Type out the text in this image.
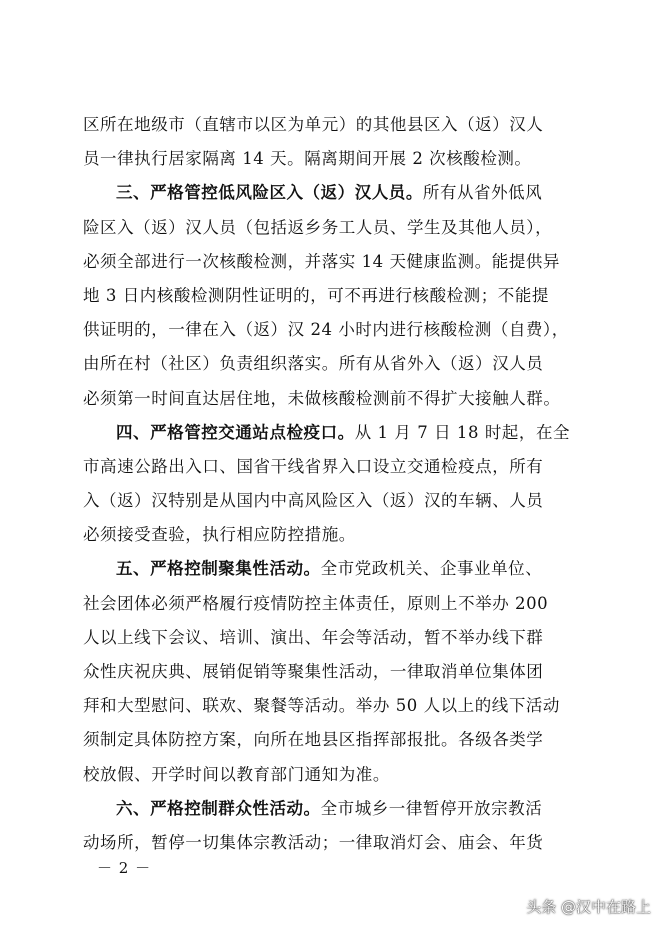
区所在地级市（直辖市以区为单元）的其他县区入（返）汉人
员一律执行居家隔离 14 天。隔离期间开展 2 次核酸检测。
三、严格管控低风险区入（返）汉人员。所有从省外低风
险区入（返）汉人员（包括返乡务工人员、学生及其他人员），
必须全部进行一次核酸检测，并落实 14 天健康监测。能提供异
地 3 日内核酸检测阴性证明的，可不再进行核酸检测；不能提
供证明的，一律在入（返）汉 24 小时内进行核酸检测（自费），
由所在村（社区）负责组织落实。所有从省外入（返）汉人员
必须第一时间直达居住地，未做核酸检测前不得扩大接触人群。
四、严格管控交通站点检疫口。从 1 月 7 日 18 时起，在全
市高速公路出入口、国省干线省界入口设立交通检疫点，所有
入（返）汉特别是从国内中高风险区入（返）汉的车辆、人员
必须接受查验，执行相应防控措施。
五、严格控制聚集性活动。全市党政机关、企事业单位、
社会团体必须严格履行疫情防控主体责任，原则上不举办 200
人以上线下会议、培训、演出、年会等活动，暂不举办线下群
众性庆祝庆典、展销促销等聚集性活动，一律取消单位集体团
拜和大型慰问、联欢、聚餐等活动。举办 50 人以上的线下活动
须制定具体防控方案，向所在地县区指挥部报批。各级各类学
校放假、开学时间以教育部门通知为准。
六、严格控制群众性活动。全市城乡一律暂停开放宗教活
动场所，暂停一切集体宗教活动；一律取消灯会、庙会、年货
－ 2 －
头条 @汉中在路上
